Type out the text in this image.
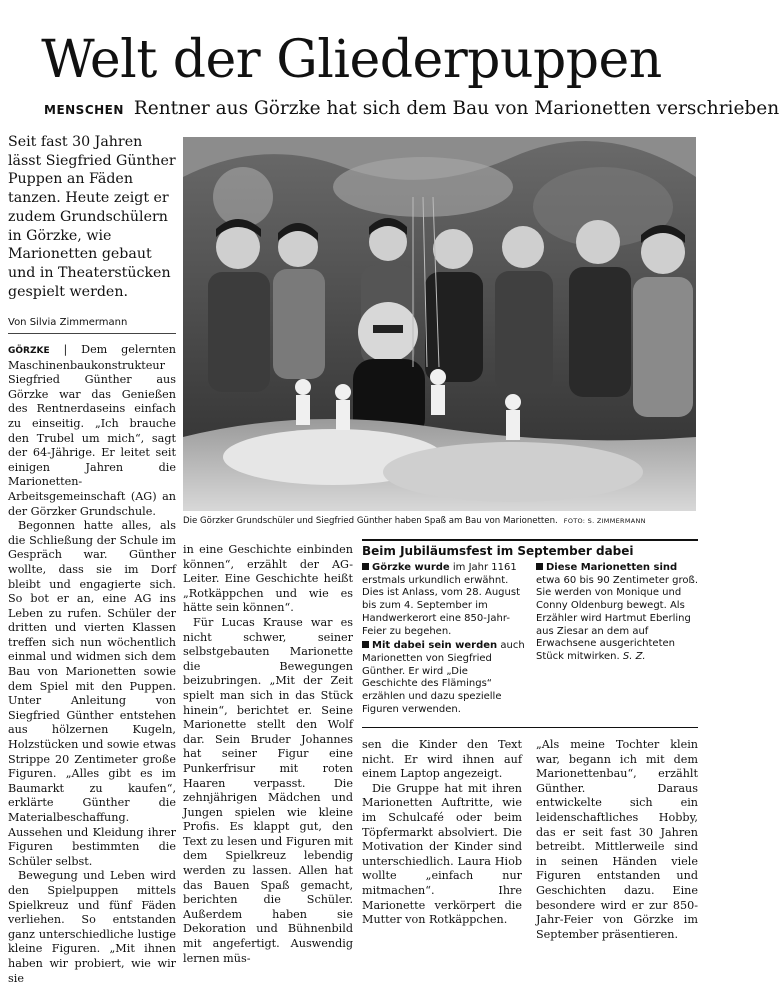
Welt der Gliederpuppen
MENSCHEN Rentner aus Görzke hat sich dem Bau von Marionetten verschrieben
Seit fast 30 Jahren lässt Siegfried Günther Puppen an Fäden tanzen. Heute zeigt er zudem Grundschülern in Görzke, wie Marionetten gebaut und in Theaterstücken gespielt werden.
Von Silvia Zimmermann

GÖRZKE | Dem gelernten Maschinenbaukonstrukteur Siegfried Günther aus Görzke war das Genießen des Rentnerdaseins einfach zu einseitig. „Ich brauche den Trubel um mich“, sagt der 64-Jährige. Er leitet seit einigen Jahren die Marionetten-Arbeitsgemeinschaft (AG) an der Görzker Grundschule.

Begonnen hatte alles, als die Schließung der Schule im Gespräch war. Günther wollte, dass sie im Dorf bleibt und engagierte sich. So bot er an, eine AG ins Leben zu rufen. Schüler der dritten und vierten Klassen treffen sich nun wöchentlich einmal und widmen sich dem Bau von Marionetten sowie dem Spiel mit den Puppen. Unter Anleitung von Siegfried Günther entstehen aus hölzernen Kugeln, Holzstücken und sowie etwas Strippe 20 Zentimeter große Figuren. „Alles gibt es im Baumarkt zu kaufen“, erklärte Günther die Materialbeschaffung. Aussehen und Kleidung ihrer Figuren bestimmten die Schüler selbst.

Bewegung und Leben wird den Spielpuppen mittels Spielkreuz und fünf Fäden verliehen. So entstanden ganz unterschiedliche lustige kleine Figuren. „Mit ihnen haben wir probiert, wie wir sie

Die Görzker Grundschüler und Siegfried Günther haben Spaß am Bau von Marionetten. FOTO: S. ZIMMERMANN

in eine Geschichte einbinden können“, erzählt der AG-Leiter. Eine Geschichte heißt „Rotkäppchen und wie es hätte sein können“.

Für Lucas Krause war es nicht schwer, seiner selbstgebauten Marionette die Bewegungen beizubringen. „Mit der Zeit spielt man sich in das Stück hinein“, berichtet er. Seine Marionette stellt den Wolf dar. Sein Bruder Johannes hat seiner Figur eine Punkerfrisur mit roten Haaren verpasst. Die zehnjährigen Mädchen und Jungen spielen wie kleine Profis. Es klappt gut, den Text zu lesen und Figuren mit dem Spielkreuz lebendig werden zu lassen. Allen hat das Bauen Spaß gemacht, berichten die Schüler. Außerdem haben sie Dekoration und Bühnenbild mit angefertigt. Auswendig lernen müs-

Beim Jubiläumsfest im September dabei

Görzke wurde im Jahr 1161 erstmals urkundlich erwähnt. Dies ist Anlass, vom 28. August bis zum 4. September im Handwerkerort eine 850-Jahr-Feier zu begehen.

Mit dabei sein werden auch Marionetten von Siegfried Günther. Er wird „Die Geschichte des Flämings“ erzählen und dazu spezielle Figuren verwenden.

Diese Marionetten sind etwa 60 bis 90 Zentimeter groß. Sie werden von Monique und Conny Oldenburg bewegt. Als Erzähler wird Hartmut Eberling aus Ziesar an dem auf Erwachsene ausgerichteten Stück mitwirken. S. Z.

sen die Kinder den Text nicht. Er wird ihnen auf einem Laptop angezeigt.

Die Gruppe hat mit ihren Marionetten Auftritte, wie im Schulcafé oder beim Töpfermarkt absolviert. Die Motivation der Kinder sind unterschiedlich. Laura Hiob wollte „einfach nur mitmachen“. Ihre Marionette verkörpert die Mutter von Rotkäppchen.

„Als meine Tochter klein war, begann ich mit dem Marionettenbau“, erzählt Günther. Daraus entwickelte sich ein leidenschaftliches Hobby, das er seit fast 30 Jahren betreibt. Mittlerweile sind in seinen Händen viele Figuren entstanden und Geschichten dazu. Eine besondere wird er zur 850-Jahr-Feier von Görzke im September präsentieren.
